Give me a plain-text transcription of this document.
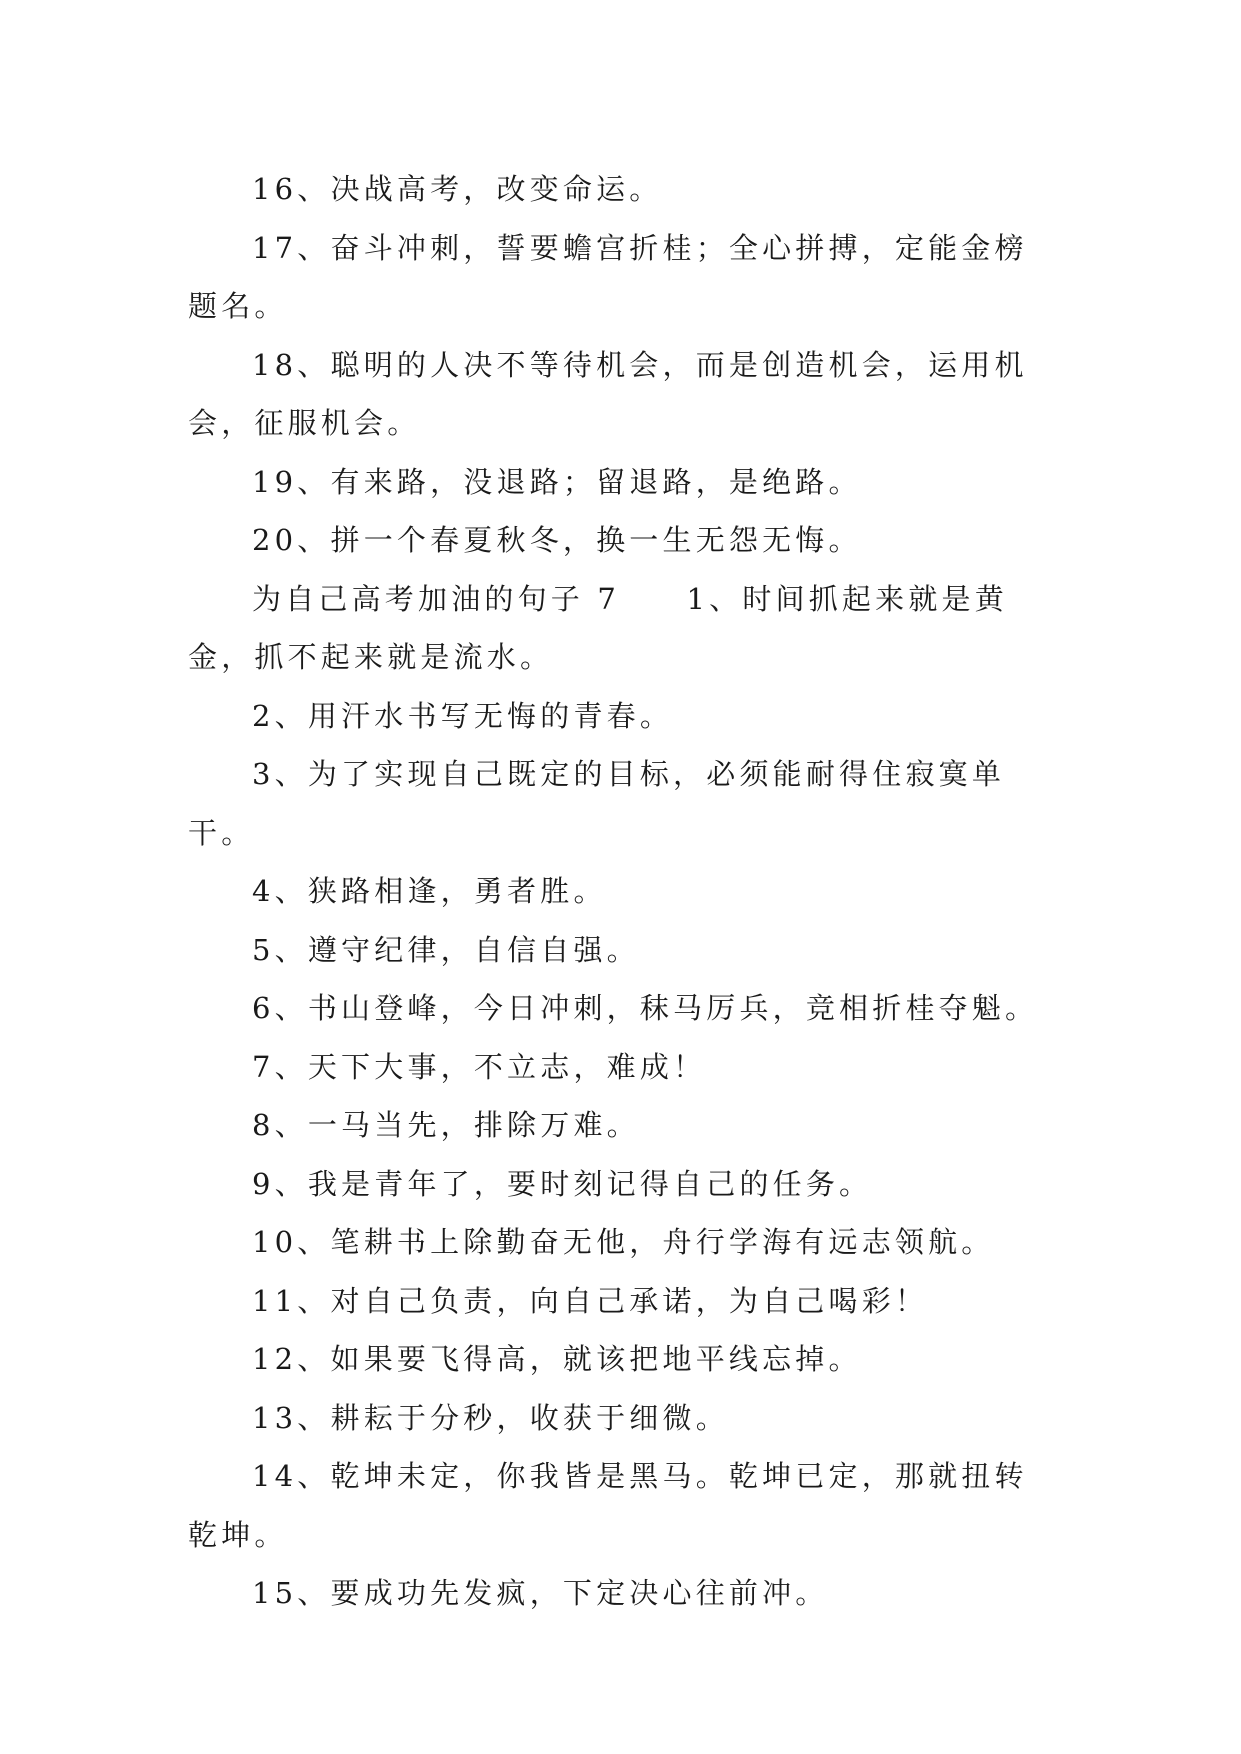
16、决战高考，改变命运。

17、奋斗冲刺，誓要蟾宫折桂；全心拼搏，定能金榜题名。

18、聪明的人决不等待机会，而是创造机会，运用机会，征服机会。

19、有来路，没退路；留退路，是绝路。

20、拼一个春夏秋冬，换一生无怨无悔。

为自己高考加油的句子 7　　1、时间抓起来就是黄金，抓不起来就是流水。

2、用汗水书写无悔的青春。

3、为了实现自己既定的目标，必须能耐得住寂寞单干。

4、狭路相逢，勇者胜。

5、遵守纪律，自信自强。

6、书山登峰，今日冲刺，秣马厉兵，竞相折桂夺魁。

7、天下大事，不立志，难成！

8、一马当先，排除万难。

9、我是青年了，要时刻记得自己的任务。

10、笔耕书上除勤奋无他，舟行学海有远志领航。

11、对自己负责，向自己承诺，为自己喝彩！

12、如果要飞得高，就该把地平线忘掉。

13、耕耘于分秒，收获于细微。

14、乾坤未定，你我皆是黑马。乾坤已定，那就扭转乾坤。

15、要成功先发疯，下定决心往前冲。
